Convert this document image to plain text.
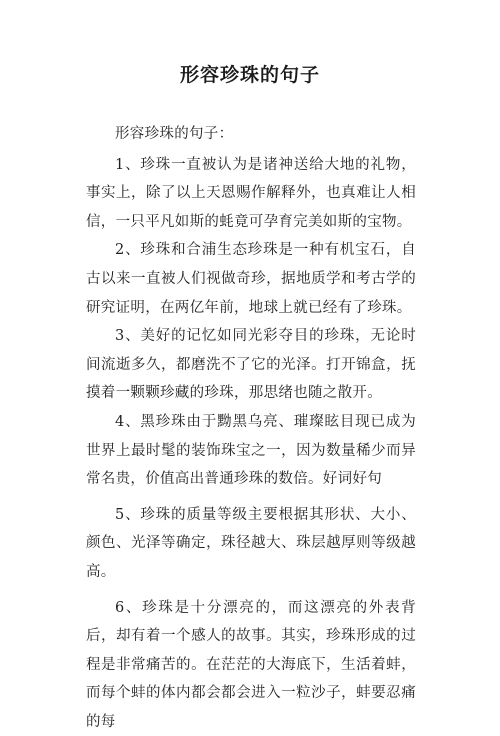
形容珍珠的句子

形容珍珠的句子：

1、珍珠一直被认为是诸神送给大地的礼物，事实上，除了以上天恩赐作解释外，也真难让人相信，一只平凡如斯的蚝竟可孕育完美如斯的宝物。

2、珍珠和合浦生态珍珠是一种有机宝石，自古以来一直被人们视做奇珍，据地质学和考古学的研究证明，在两亿年前，地球上就已经有了珍珠。

3、美好的记忆如同光彩夺目的珍珠，无论时间流逝多久，都磨洗不了它的光泽。打开锦盒，抚摸着一颗颗珍藏的珍珠，那思绪也随之散开。

4、黑珍珠由于黝黑乌亮、璀璨眩目现已成为世界上最时髦的装饰珠宝之一，因为数量稀少而异常名贵，价值高出普通珍珠的数倍。好词好句

5、珍珠的质量等级主要根据其形状、大小、颜色、光泽等确定，珠径越大、珠层越厚则等级越高。

6、珍珠是十分漂亮的，而这漂亮的外表背后，却有着一个感人的故事。其实，珍珠形成的过程是非常痛苦的。在茫茫的大海底下，生活着蚌，而每个蚌的体内都会都会进入一粒沙子，蚌要忍痛的每
